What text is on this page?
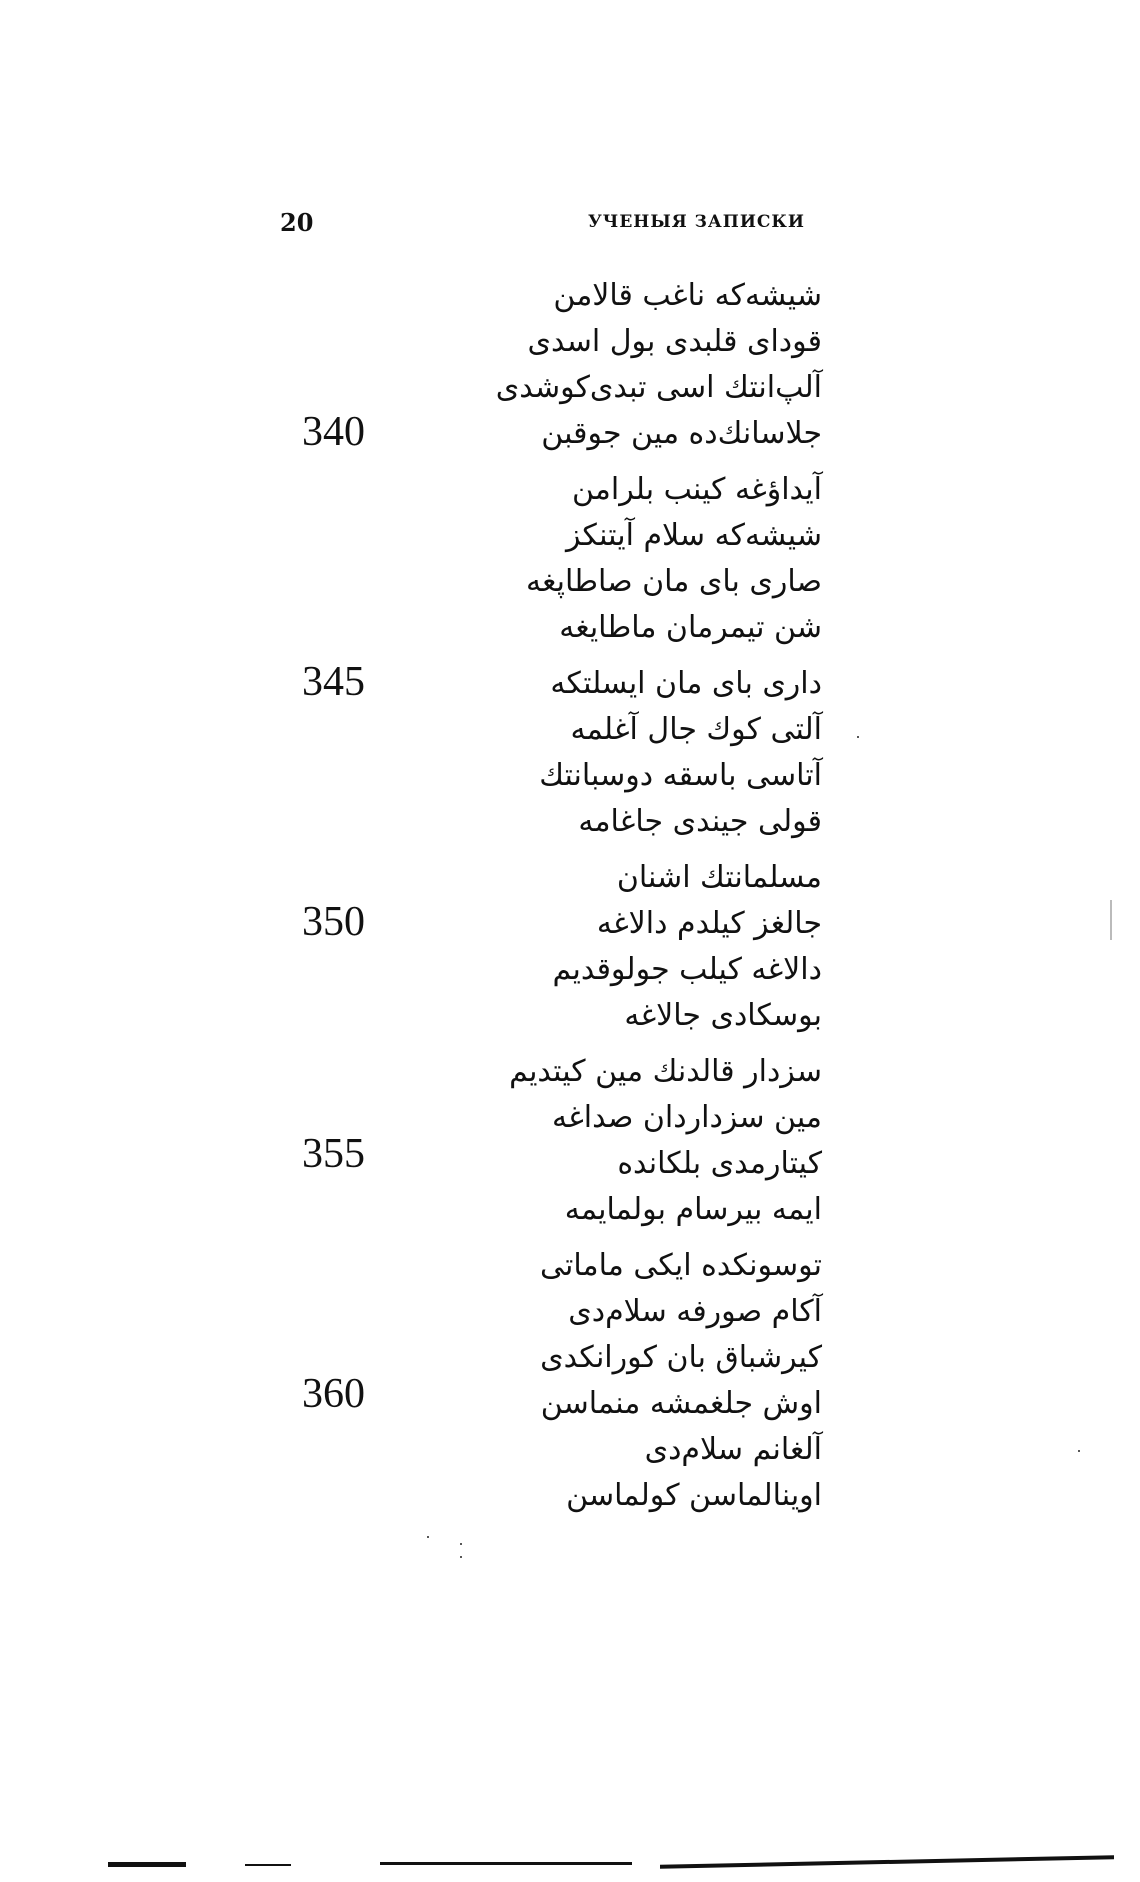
20	УЧЕНЫЯ ЗАПИСКИ
شیشه‌که ناغب قالامن
قودای قلبدی بول اسدی
آلپ‌انتك اسی تبدی‌کوشدی
جلاسانك‌ده مین جوقبن
آیدا‌ؤغه کینب بلرامن
شیشه‌که سلام آیتنکز
صاری بای مان صاطاپغه
شن تیمرمان ماطایغه
داری بای مان ایسلتکه
آلتی کوك جال آغلمه
آتاسی باسقه دوسبانتك
قولی جیندی جاغامه
مسلمانتك اشنان
جالغز کیلدم دالاغه
دالاغه کیلب جولوقدیم
بوسکادی جالاغه
سزدار قالدنك مین کیتدیم
مین سزداردان صداغه
کیتارمدی بلکانده
ایمه بیرسام بولمایمه
توسونکده ایکی ماماتی
آکام صورفه سلام‌دی
کیرشباق بان کورانکدی
اوش جلغمشه منماسن
آلغانم سلام‌دی
اوینالماسن کولماسن
340
345
350
355
360
